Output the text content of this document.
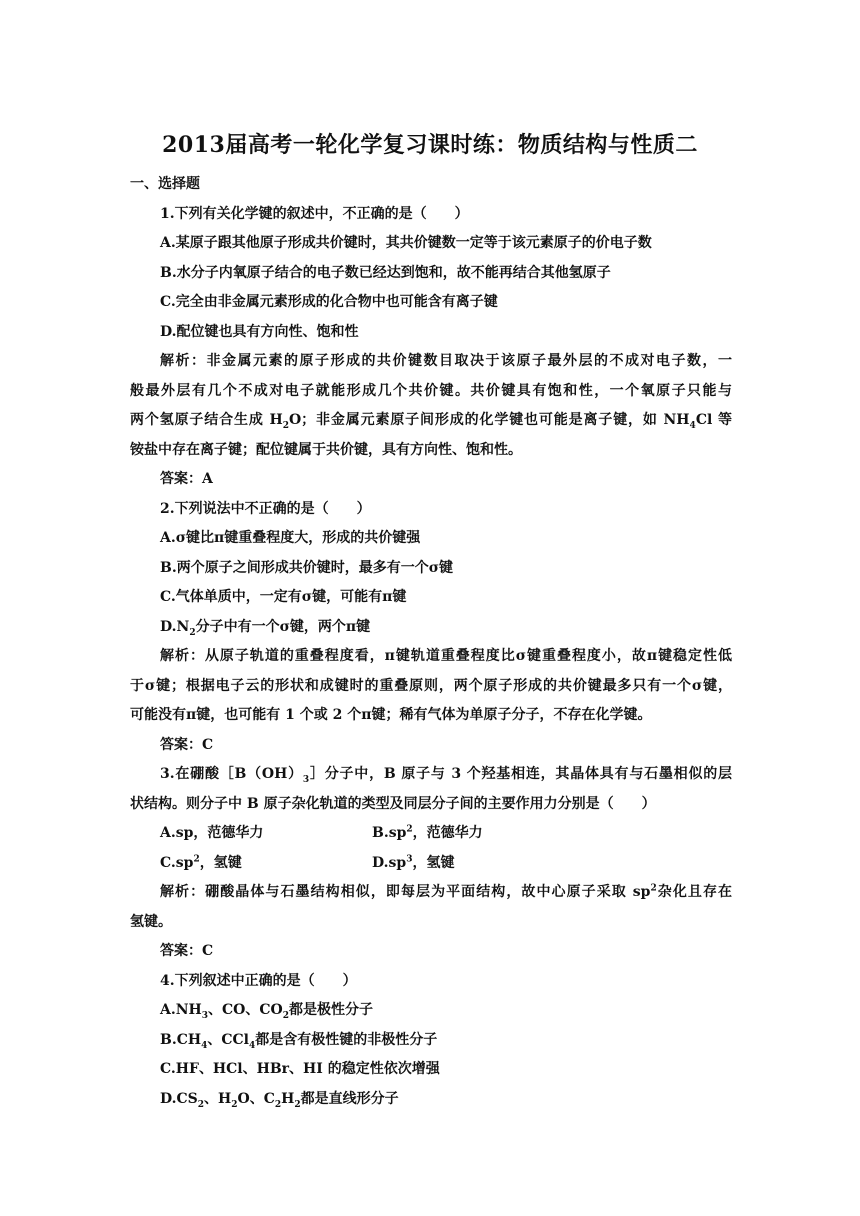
2013届高考一轮化学复习课时练：物质结构与性质二

一、选择题

1.下列有关化学键的叙述中，不正确的是（　　）

A.某原子跟其他原子形成共价键时，其共价键数一定等于该元素原子的价电子数

B.水分子内氧原子结合的电子数已经达到饱和，故不能再结合其他氢原子

C.完全由非金属元素形成的化合物中也可能含有离子键

D.配位键也具有方向性、饱和性

解析：非金属元素的原子形成的共价键数目取决于该原子最外层的不成对电子数，一

般最外层有几个不成对电子就能形成几个共价键。共价键具有饱和性，一个氧原子只能与

两个氢原子结合生成 $H_2O$；非金属元素原子间形成的化学键也可能是离子键，如 $NH_4Cl$ 等

铵盐中存在离子键；配位键属于共价键，具有方向性、饱和性。

答案：A

2.下列说法中不正确的是（　　）

A.σ键比π键重叠程度大，形成的共价键强

B.两个原子之间形成共价键时，最多有一个σ键

C.气体单质中，一定有σ键，可能有π键

$D.N_2$分子中有一个σ键，两个π键

解析：从原子轨道的重叠程度看，π键轨道重叠程度比σ键重叠程度小，故π键稳定性低

于σ键；根据电子云的形状和成键时的重叠原则，两个原子形成的共价键最多只有一个σ键，

可能没有π键，也可能有 1 个或 2 个π键；稀有气体为单原子分子，不存在化学键。

答案：C

3.在硼酸$[B(OH)_3]$分子中，B 原子与 3 个羟基相连，其晶体具有与石墨相似的层

状结构。则分子中 B 原子杂化轨道的类型及同层分子间的主要作用力分别是（　　）

A.sp，范德华力	$B.sp^2$，范德华力
$C.sp^2$，氢键	$D.sp^3$，氢键

解析：硼酸晶体与石墨结构相似，即每层为平面结构，故中心原子采取 $sp^2$杂化且存在

氢键。

答案：C

4.下列叙述中正确的是（　　）

$A.NH_3$、CO、$CO_2$都是极性分子

$B.CH_4$、CCl$_4$都是含有极性键的非极性分子

C.HF、HCl、HBr、HI 的稳定性依次增强

$D.CS_2$、$H_2O$、$C_2H_2$都是直线形分子
